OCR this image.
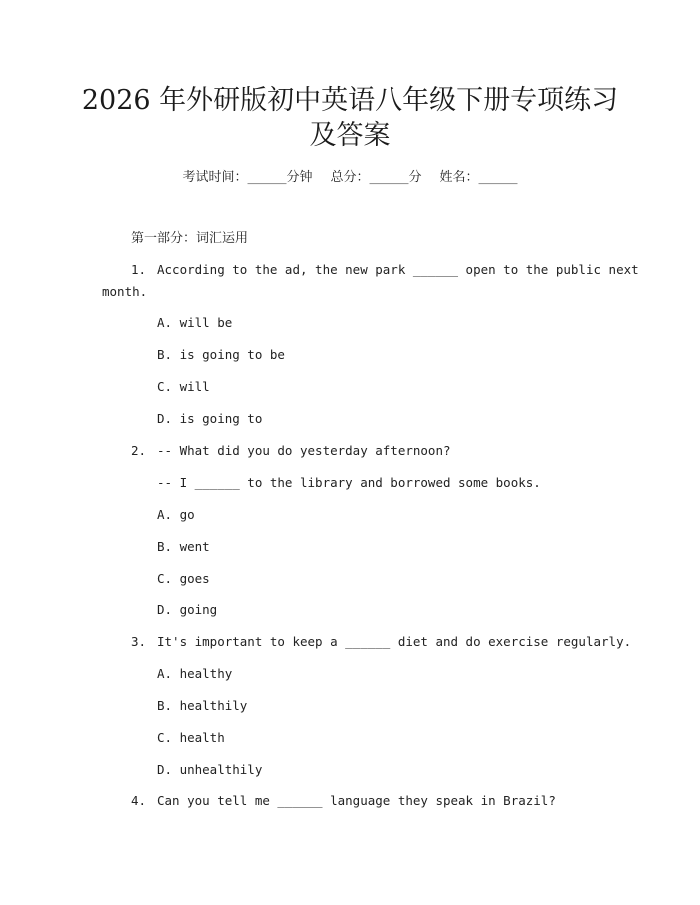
2026 年外研版初中英语八年级下册专项练习
及答案
考试时间：______分钟 总分：______分 姓名：______
第一部分：词汇运用
1. According to the ad, the new park ______ open to the public next
month.
A. will be
B. is going to be
C. will
D. is going to
2. -- What did you do yesterday afternoon?
-- I ______ to the library and borrowed some books.
A. go
B. went
C. goes
D. going
3. It's important to keep a ______ diet and do exercise regularly.
A. healthy
B. healthily
C. health
D. unhealthily
4. Can you tell me ______ language they speak in Brazil?
